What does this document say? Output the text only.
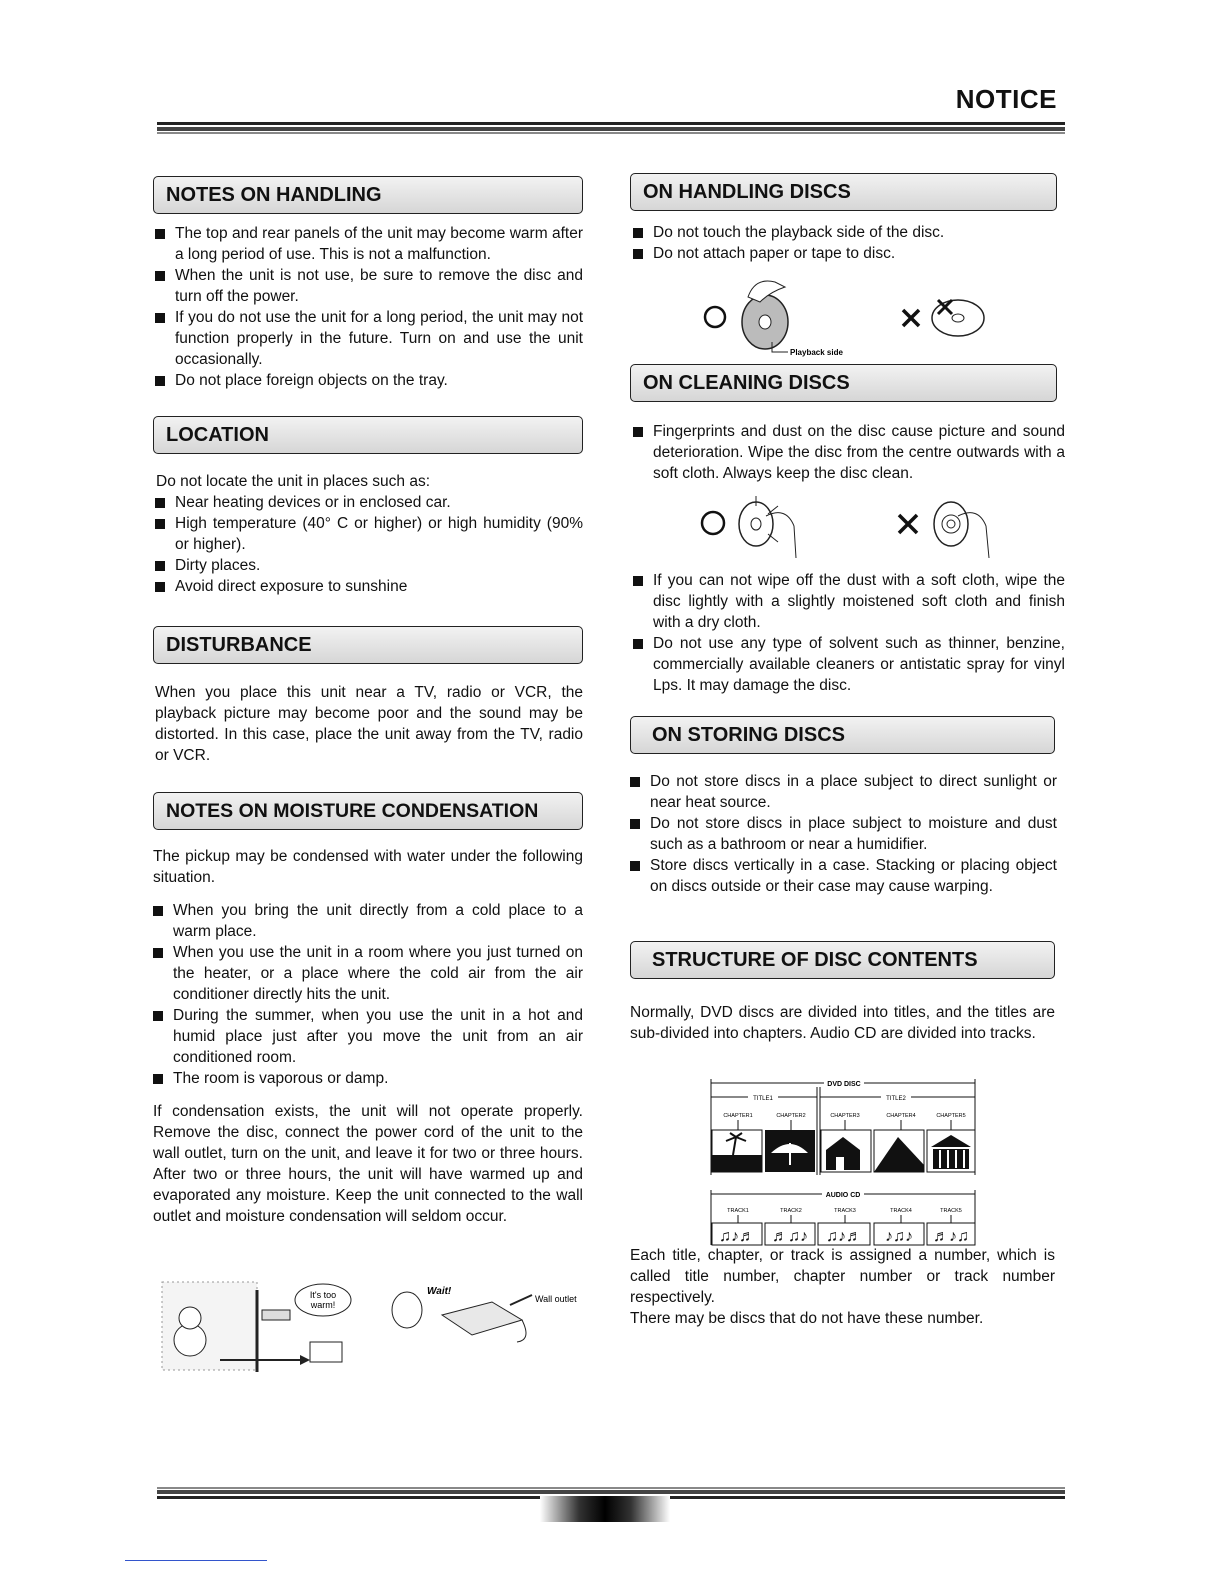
NOTICE
NOTES ON HANDLING
The top and rear panels of the unit may become warm after a long period of use. This is not a malfunction.
When the unit is not use, be sure to remove the disc and turn off the power.
If you do not use the unit for a long period, the unit may not function properly in the future. Turn on and use the unit occasionally.
Do not place foreign objects on the tray.
LOCATION

Do not locate the unit in places such as:

Near heating devices or in enclosed car.
High temperature (40° C or higher) or high humidity (90% or higher).
Dirty places.
Avoid direct exposure to sunshine
DISTURBANCE

When you place this unit near a TV, radio or VCR, the playback picture may become poor and the sound may be distorted. In this case, place the unit away from the TV, radio or VCR.

NOTES ON MOISTURE CONDENSATION

The pickup may be condensed with water under the following situation.

When you bring the unit directly from a cold place to a warm place.
When you use the unit in a room where you just turned on the heater, or a place where the cold air from the air conditioner directly hits the unit.
During the summer, when you use the unit in a hot and humid place just after you move the unit from an air conditioned room.
The room is vaporous or damp.

If condensation exists, the unit will not operate properly. Remove the disc, connect the power cord of the unit to the wall outlet, turn on the unit, and leave it for two or three hours. After two or three hours, the unit will have warmed up and evaporated any moisture. Keep the unit connected to the wall outlet and moisture condensation will seldom occur.

It's too
warm!
Wait!
Wall outlet
ON HANDLING DISCS
Do not touch the playback side of the disc.
Do not attach paper or tape to disc.
ON CLEANING DISCS
Fingerprints and dust on the disc cause picture and sound deterioration. Wipe the disc from the centre outwards with a soft cloth. Always keep the disc clean.
If you can not wipe off the dust with a soft cloth, wipe the disc lightly with a slightly moistened soft cloth and finish with a dry cloth.
Do not use any type of solvent such as thinner, benzine, commercially available cleaners or antistatic spray for vinyl Lps. It may damage the disc.
ON STORING DISCS
Do not store discs in a place subject to direct sunlight or near heat source.
Do not store discs in place subject to moisture and dust such as a bathroom or near a humidifier.
Store discs vertically in a case. Stacking or placing object on discs outside or their case may cause warping.
STRUCTURE OF DISC CONTENTS

Normally, DVD discs are divided into titles, and the titles are sub-divided into chapters. Audio CD are divided into tracks.

Each title, chapter, or track is assigned a number, which is called title number, chapter number or track number respectively.

There may be discs that do not have these number.

Playback side
DVD DISC
TITLE1	TITLE2
CHAPTER1	CHAPTER2	CHAPTER3	CHAPTER4	CHAPTER5
AUDIO CD
TRACK1	TRACK2	TRACK3	TRACK4	TRACK5
♫♪♬ ♬♫♪ ♫♪♬ ♪♫♪ ♬♪♫
